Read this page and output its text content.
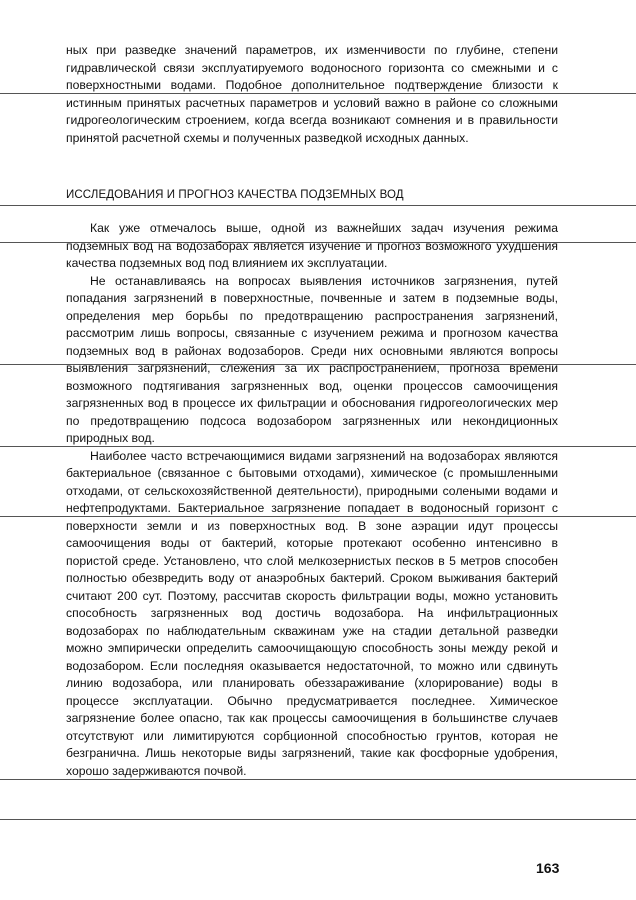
ных при разведке значений параметров, их изменчивости по глубине, степени гидравлической связи эксплуатируемого водоносного горизонта со смежными и с поверхностными водами. Подобное дополнительное подтверждение близости к истинным принятых расчетных параметров и условий важно в районе со сложными гидрогеологическим строением, когда всегда возникают сомнения и в правильности принятой расчетной схемы и полученных разведкой исходных данных.

ИССЛЕДОВАНИЯ И ПРОГНОЗ КАЧЕСТВА ПОДЗЕМНЫХ ВОД

Как уже отмечалось выше, одной из важнейших задач изучения режима подземных вод на водозаборах является изучение и прогноз возможного ухудшения качества подземных вод под влиянием их эксплуатации.

Не останавливаясь на вопросах выявления источников загрязнения, путей попадания загрязнений в поверхностные, почвенные и затем в подземные воды, определения мер борьбы по предотвращению распространения загрязнений, рассмотрим лишь вопросы, связанные с изучением режима и прогнозом качества подземных вод в районах водозаборов. Среди них основными являются вопросы выявления загрязнений, слежения за их распространением, прогноза времени возможного подтягивания загрязненных вод, оценки процессов самоочищения загрязненных вод в процессе их фильтрации и обоснования гидрогеологических мер по предотвращению подсоса водозабором загрязненных или некондиционных природных вод.

Наиболее часто встречающимися видами загрязнений на водозаборах являются бактериальное (связанное с бытовыми отходами), химическое (с промышленными отходами, от сельскохозяйственной деятельности), природными солеными водами и нефтепродуктами. Бактериальное загрязнение попадает в водоносный горизонт с поверхности земли и из поверхностных вод. В зоне аэрации идут процессы самоочищения воды от бактерий, которые протекают особенно интенсивно в пористой среде. Установлено, что слой мелкозернистых песков в 5 метров способен полностью обезвредить воду от анаэробных бактерий. Сроком выживания бактерий считают 200 сут. Поэтому, рассчитав скорость фильтрации воды, можно установить способность загрязненных вод достичь водозабора. На инфильтрационных водозаборах по наблюдательным скважинам уже на стадии детальной разведки можно эмпирически определить самоочищающую способность зоны между рекой и водозабором. Если последняя оказывается недостаточной, то можно или сдвинуть линию водозабора, или планировать обеззараживание (хлорирование) воды в процессе эксплуатации. Обычно предусматривается последнее. Химическое загрязнение более опасно, так как процессы самоочищения в большинстве случаев отсутствуют или лимитируются сорбционной способностью грунтов, которая не безгранична. Лишь некоторые виды загрязнений, такие как фосфорные удобрения, хорошо задерживаются почвой.

163
